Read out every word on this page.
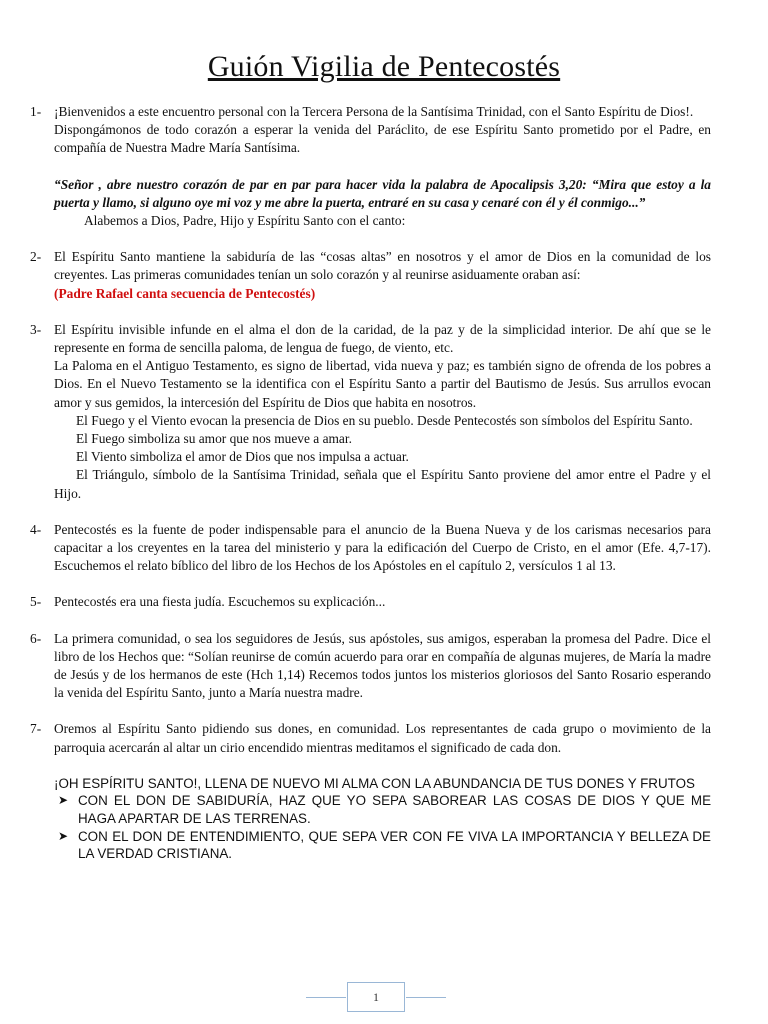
Guión Vigilia de Pentecostés
1- ¡Bienvenidos a este encuentro personal con la Tercera Persona de la Santísima Trinidad, con el Santo Espíritu de Dios!.

Dispongámonos de todo corazón a esperar la venida del Paráclito, de ese Espíritu Santo prometido por el Padre, en compañía de Nuestra Madre María Santísima.

“Señor , abre nuestro corazón de par en par para hacer vida la palabra de Apocalipsis 3,20: “Mira que estoy a la puerta y llamo, si alguno oye mi voz y me abre la puerta, entraré en su casa y cenaré con él y él conmigo...”

Alabemos a Dios, Padre, Hijo y Espíritu Santo con el canto:

2- El Espíritu Santo mantiene la sabiduría de las “cosas altas” en nosotros y el amor de Dios en la comunidad de los creyentes. Las primeras comunidades tenían un solo corazón y al reunirse asiduamente oraban así:

(Padre Rafael canta secuencia de Pentecostés)

3- El Espíritu invisible infunde en el alma el don de la caridad, de la paz y de la simplicidad interior. De ahí que se le represente en forma de sencilla paloma, de lengua de fuego, de viento, etc.

La Paloma en el Antiguo Testamento, es signo de libertad, vida nueva y paz; es también signo de ofrenda de los pobres a Dios. En el Nuevo Testamento se la identifica con el Espíritu Santo a partir del Bautismo de Jesús. Sus arrullos evocan amor y sus gemidos, la intercesión del Espíritu de Dios que habita en nosotros.

El Fuego y el Viento evocan la presencia de Dios en su pueblo. Desde Pentecostés son símbolos del Espíritu Santo.

El Fuego simboliza su amor que nos mueve a amar.

El Viento simboliza el amor de Dios que nos impulsa a actuar.

El Triángulo, símbolo de la Santísima Trinidad, señala que el Espíritu Santo proviene del amor entre el Padre y el Hijo.

4- Pentecostés es la fuente de poder indispensable para el anuncio de la Buena Nueva y de los carismas necesarios para capacitar a los creyentes en la tarea del ministerio y para la edificación del Cuerpo de Cristo, en el amor (Efe. 4,7-17). Escuchemos el relato bíblico del libro de los Hechos de los Apóstoles en el capítulo 2, versículos 1 al 13.

5- Pentecostés era una fiesta judía. Escuchemos su explicación...

6- La primera comunidad, o sea los seguidores de Jesús, sus apóstoles, sus amigos, esperaban la promesa del Padre. Dice el libro de los Hechos que: “Solían reunirse de común acuerdo para orar en compañía de algunas mujeres, de María la madre de Jesús y de los hermanos de este (Hch 1,14) Recemos todos juntos los misterios gloriosos del Santo Rosario esperando la venida del Espíritu Santo, junto a María nuestra madre.

7- Oremos al Espíritu Santo pidiendo sus dones, en comunidad. Los representantes de cada grupo o movimiento de la parroquia acercarán al altar un cirio encendido mientras meditamos el significado de cada don.

¡OH ESPÍRITU SANTO!, LLENA DE NUEVO MI ALMA CON LA ABUNDANCIA DE TUS DONES Y FRUTOS

➤ CON EL DON DE SABIDURÍA, HAZ QUE YO SEPA SABOREAR LAS COSAS DE DIOS Y QUE ME HAGA APARTAR DE LAS TERRENAS.
➤ CON EL DON DE ENTENDIMIENTO, QUE SEPA VER CON FE VIVA LA IMPORTANCIA Y BELLEZA DE LA VERDAD CRISTIANA.
1
